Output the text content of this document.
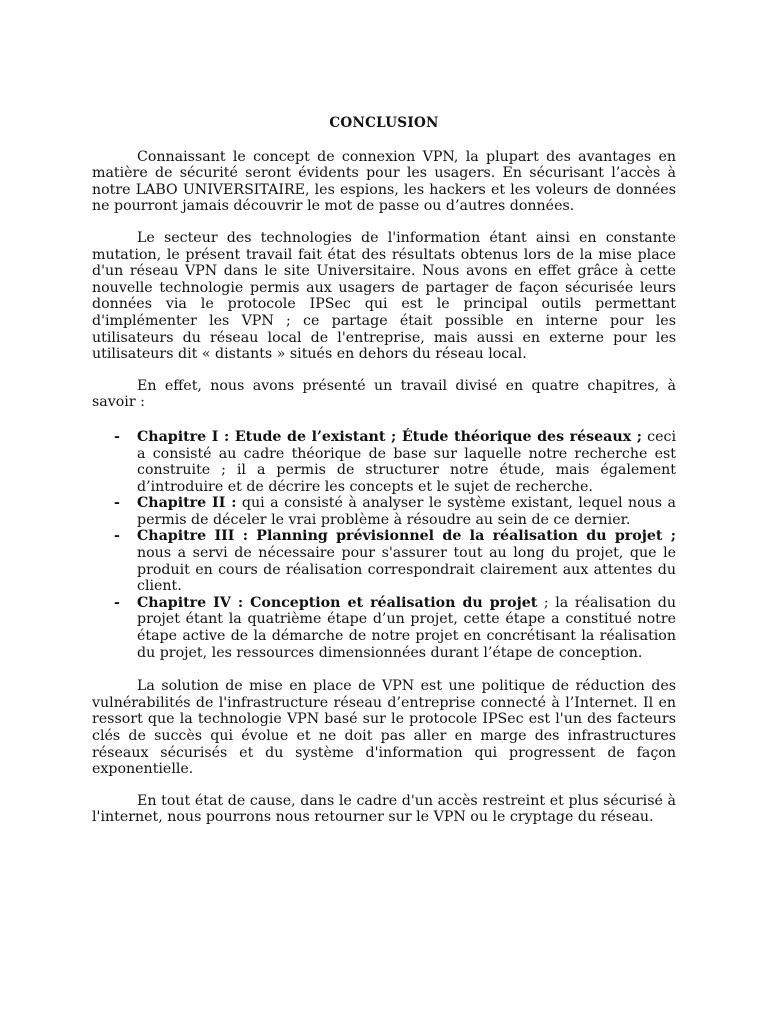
CONCLUSION

Connaissant le concept de connexion VPN, la plupart des avantages en matière de sécurité seront évidents pour les usagers. En sécurisant l’accès à notre LABO UNIVERSITAIRE, les espions, les hackers et les voleurs de données ne pourront jamais découvrir le mot de passe ou d’autres données.

Le secteur des technologies de l'information étant ainsi en constante mutation, le présent travail fait état des résultats obtenus lors de la mise place d'un réseau VPN dans le site Universitaire. Nous avons en effet grâce à cette nouvelle technologie permis aux usagers de partager de façon sécurisée leurs données via le protocole IPSec qui est le principal outils permettant d'implémenter les VPN ; ce partage était possible en interne pour les utilisateurs du réseau local de l'entreprise, mais aussi en externe pour les utilisateurs dit « distants » situés en dehors du réseau local.

En effet, nous avons présenté un travail divisé en quatre chapitres, à savoir :

- Chapitre I : Etude de l’existant ; Étude théorique des réseaux ; ceci a consisté au cadre théorique de base sur laquelle notre recherche est construite ; il a permis de structurer notre étude, mais également d’introduire et de décrire les concepts et le sujet de recherche.
- Chapitre II : qui a consisté à analyser le système existant, lequel nous a permis de déceler le vrai problème à résoudre au sein de ce dernier.
- Chapitre III : Planning prévisionnel de la réalisation du projet ; nous a servi de nécessaire pour s'assurer tout au long du projet, que le produit en cours de réalisation correspondrait clairement aux attentes du client.
- Chapitre IV : Conception et réalisation du projet ; la réalisation du projet étant la quatrième étape d’un projet, cette étape a constitué notre étape active de la démarche de notre projet en concrétisant la réalisation du projet, les ressources dimensionnées durant l’étape de conception.

La solution de mise en place de VPN est une politique de réduction des vulnérabilités de l'infrastructure réseau d’entreprise connecté à l’Internet. Il en ressort que la technologie VPN basé sur le protocole IPSec est l'un des facteurs clés de succès qui évolue et ne doit pas aller en marge des infrastructures réseaux sécurisés et du système d'information qui progressent de façon exponentielle.

En tout état de cause, dans le cadre d'un accès restreint et plus sécurisé à l'internet, nous pourrons nous retourner sur le VPN ou le cryptage du réseau.
